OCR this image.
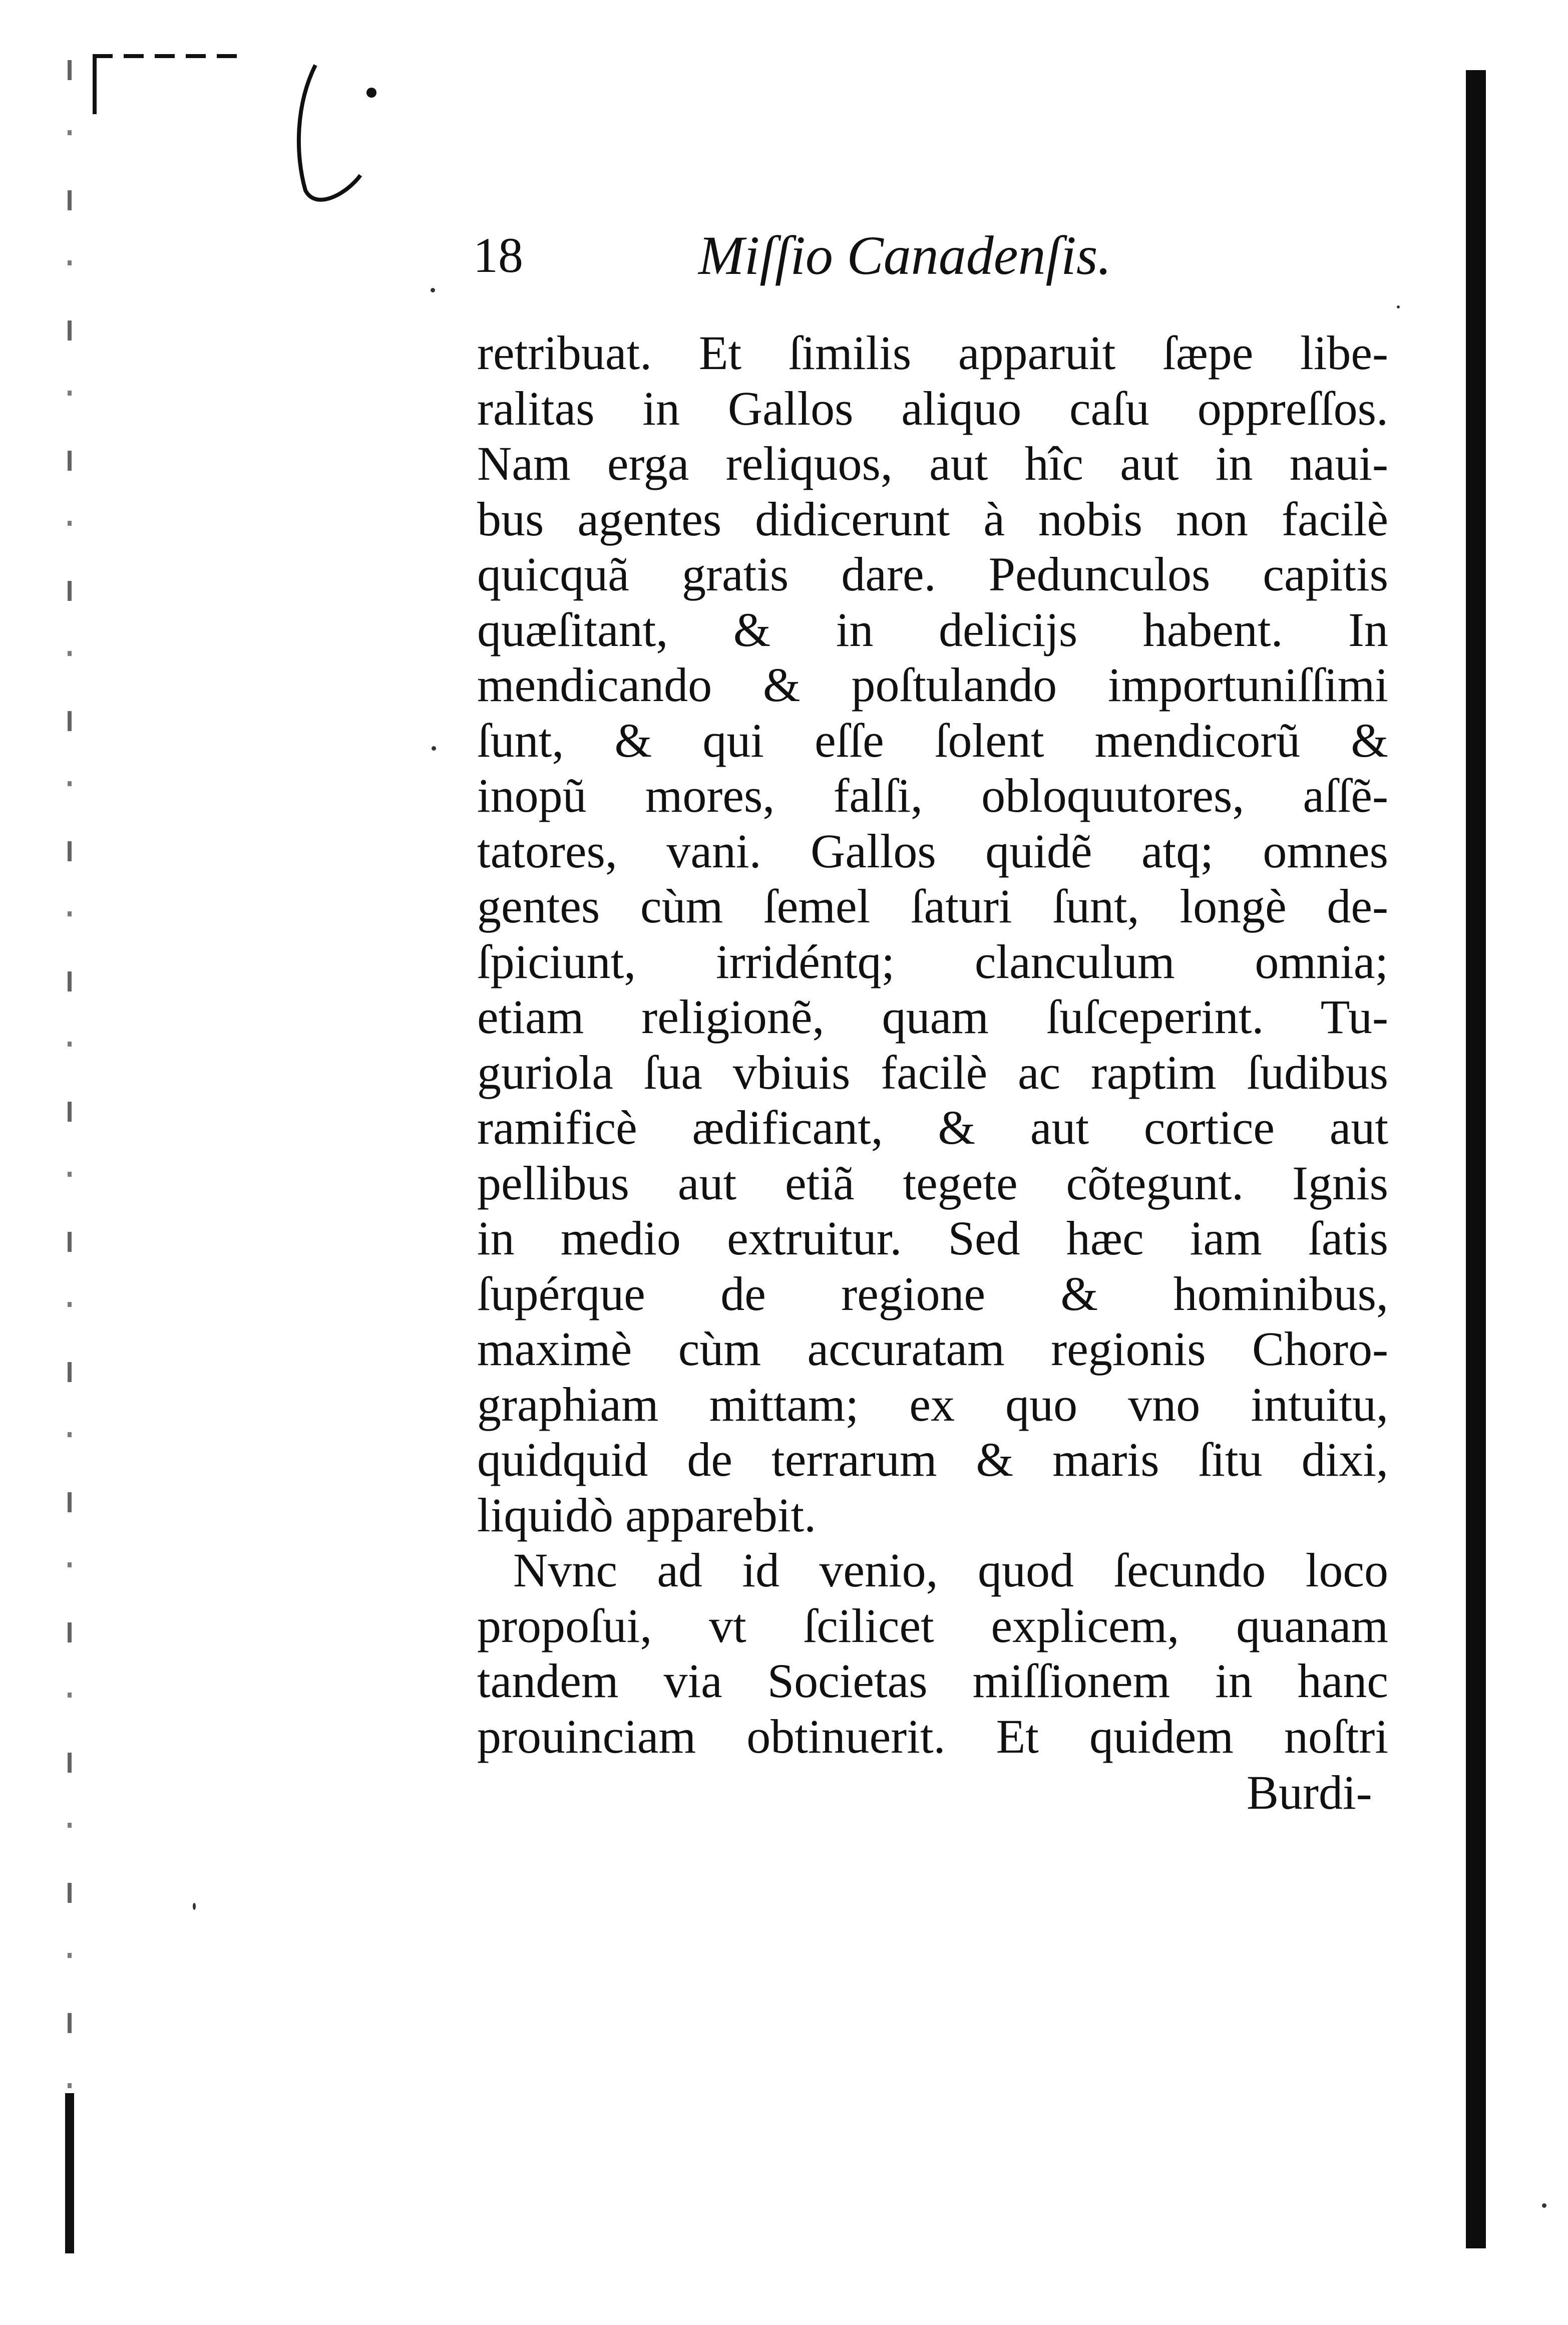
18	Miſſio Canadenſis.
retribuat. Et ſimilis apparuit ſæpe libe-
ralitas in Gallos aliquo caſu oppreſſos.
Nam erga reliquos, aut hîc aut in naui-
bus agentes didicerunt à nobis non facilè
quicquã gratis dare. Pedunculos capitis
quæſitant, & in delicijs habent. In
mendicando & poſtulando importuniſſimi
ſunt, & qui eſſe ſolent mendicorũ &
inopũ mores, falſi, obloquutores, aſſẽ-
tatores, vani. Gallos quidẽ atq; omnes
gentes cùm ſemel ſaturi ſunt, longè de-
ſpiciunt, irridéntq; clanculum omnia;
etiam religionẽ, quam ſuſceperint. Tu-
guriola ſua vbiuis facilè ac raptim ſudibus
ramificè ædificant, & aut cortice aut
pellibus aut etiã tegete cõtegunt. Ignis
in medio extruitur. Sed hæc iam ſatis
ſupérque de regione & hominibus,
maximè cùm accuratam regionis Choro-
graphiam mittam; ex quo vno intuitu,
quidquid de terrarum & maris ſitu dixi,
liquidò apparebit.
Nvnc ad id venio, quod ſecundo loco
propoſui, vt ſcilicet explicem, quanam
tandem via Societas miſſionem in hanc
prouinciam obtinuerit. Et quidem noſtri
Burdi-
